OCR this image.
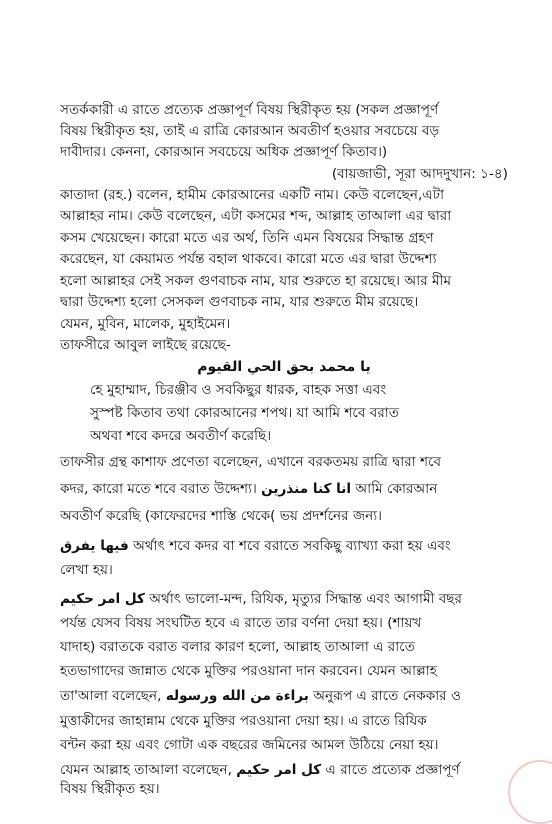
সতর্ককারী এ রাতে প্রত্যেক প্রজ্ঞাপূর্ণ বিষয় স্থিরীকৃত হয় (সকল প্রজ্ঞাপূর্ণ
বিষয় স্থিরীকৃত হয়, তাই এ রাত্রি কোরআন অবতীর্ণ হওয়ার সবচেয়ে বড়
দাবীদার। কেননা, কোরআন সবচেয়ে অধিক প্রজ্ঞাপূর্ণ কিতাব।)
(বায়জাভী, সূরা আদদুখান: ১-৪)
কাতাদা (রহ.) বলেন, হামীম কোরআনের একটি নাম। কেউ বলেছেন,এটা
আল্লাহর নাম। কেউ বলেছেন, এটা কসমের শব্দ, আল্লাহ তাআলা এর দ্বারা
কসম খেয়েছেন। কারো মতে এর অর্থ, তিনি এমন বিষয়ের সিদ্ধান্ত গ্রহণ
করেছেন, যা কেয়ামত পর্যন্ত বহাল থাকবে। কারো মতে এর দ্বারা উদ্দেশ্য
হলো আল্লাহর সেই সকল গুণবাচক নাম, যার শুরুতে হা রয়েছে। আর মীম
দ্বারা উদ্দেশ্য হলো সেসকল গুণবাচক নাম, যার শুরুতে মীম রয়েছে।
যেমন, মুবিন, মালেক, মুহাইমেন।
তাফসীরে আবুল লাইছে রয়েছে-
يا محمد بحق الحي القيوم
হে মুহাম্মাদ, চিরঞ্জীব ও সবকিছুর ধারক, বাহক সত্তা এবং
সুস্পষ্ট কিতাব তথা কোরআনের শপথ। যা আমি শবে বরাত
অথবা শবে কদরে অবতীর্ণ করেছি।
তাফসীর গ্রন্থ কাশাফ প্রণেতা বলেছেন, এখানে বরকতময় রাত্রি দ্বারা শবে
কদর, কারো মতে শবে বরাত উদ্দেশ্য। انا كنا منذرين আমি কোরআন
অবতীর্ণ করেছি (কাফেরদের শাস্তি থেকে( ভয় প্রদর্শনের জন্য।
فيها يفرق অর্থাৎ শবে কদর বা শবে বরাতে সবকিছু ব্যাখ্যা করা হয় এবং
লেখা হয়।
كل امر حكيم অর্থাৎ ভালো-মন্দ, রিযিক, মৃত্যুর সিদ্ধান্ত এবং আগামী বছর
পর্যন্ত যেসব বিষয় সংঘটিত হবে এ রাতে তার বর্ণনা দেয়া হয়। (শায়খ
যাদাহ) বরাতকে বরাত বলার কারণ হলো, আল্লাহ তাআলা এ রাতে
হতভাগাদের জান্নাত থেকে মুক্তির পরওয়ানা দান করবেন। যেমন আল্লাহ
তা'আলা বলেছেন, براءة من الله ورسوله অনুরূপ এ রাতে নেককার ও
মুত্তাকীদের জাহান্নাম থেকে মুক্তির পরওয়ানা দেয়া হয়। এ রাতে রিযিক
বন্টন করা হয় এবং গোটা এক বছরের জমিনের আমল উঠিয়ে নেয়া হয়।
যেমন আল্লাহ তাআলা বলেছেন, كل امر حكيم এ রাতে প্রত্যেক প্রজ্ঞাপূর্ণ
বিষয় স্থিরীকৃত হয়।
